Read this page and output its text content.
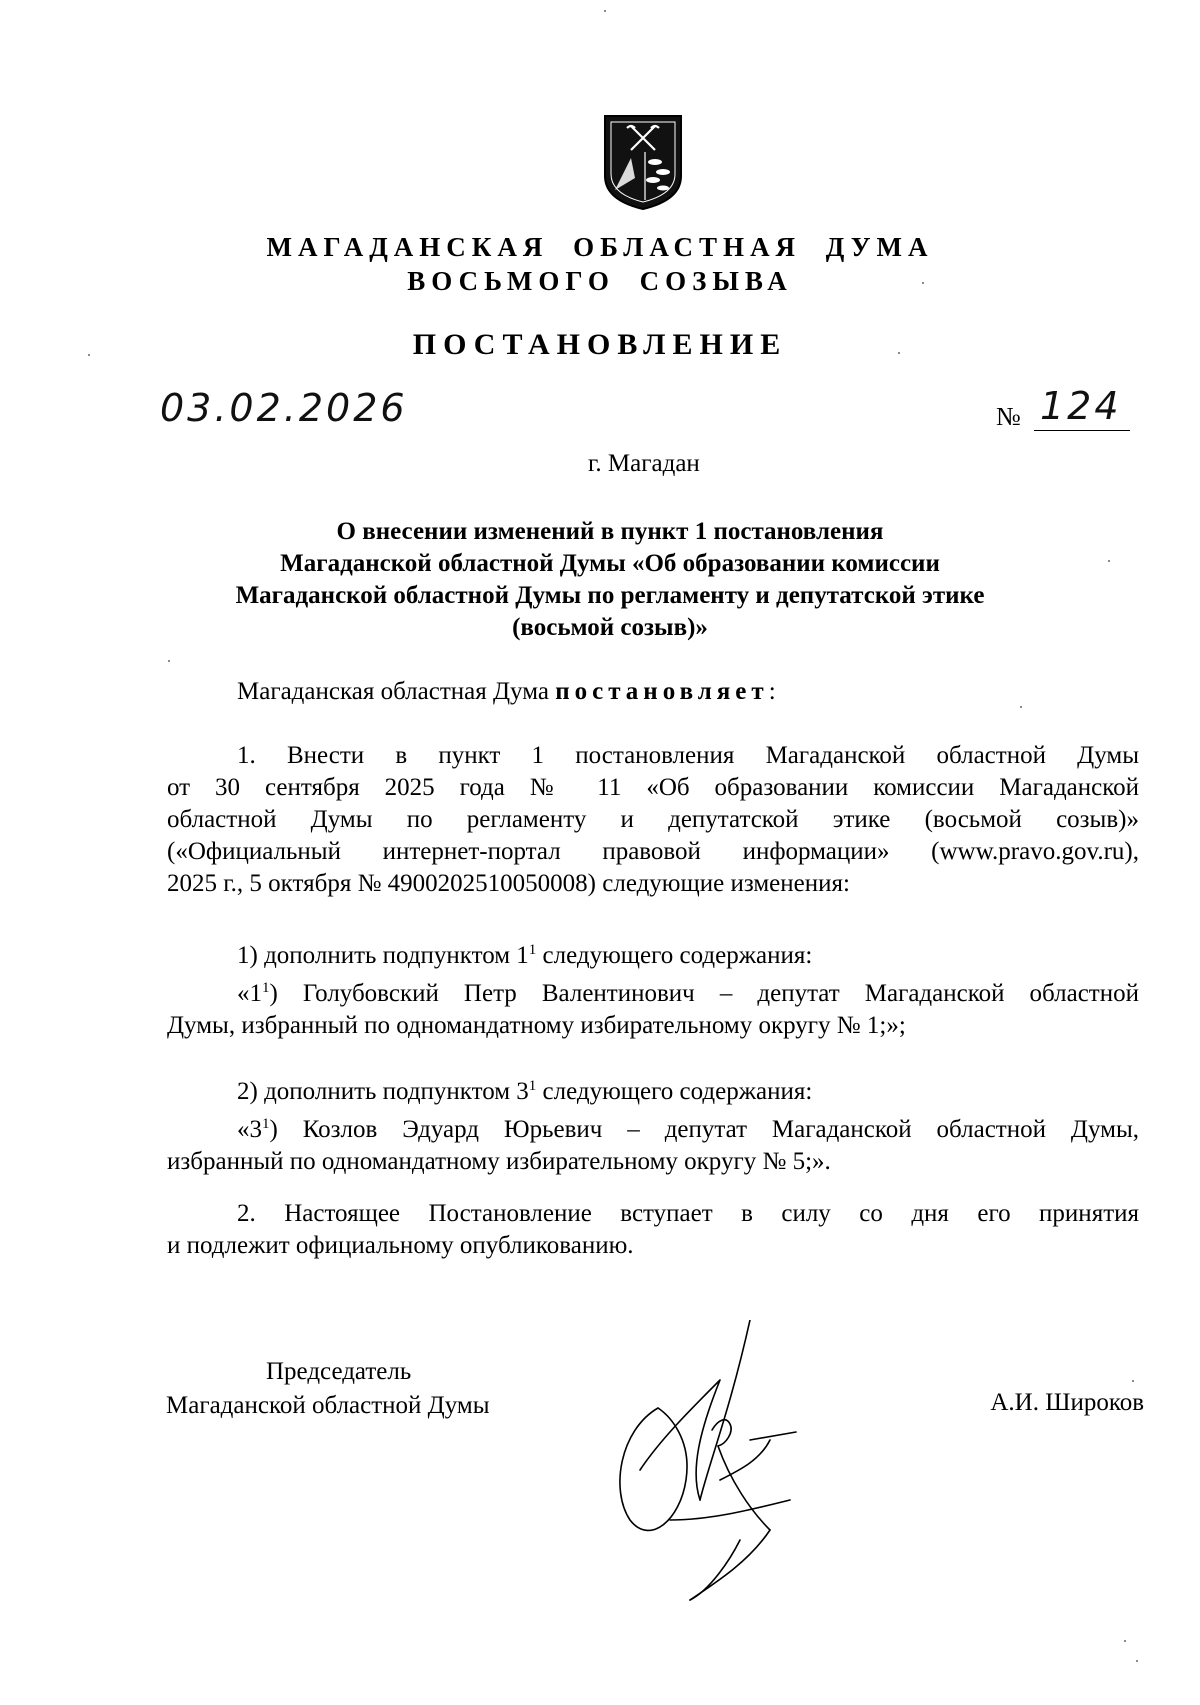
МАГАДАНСКАЯ ОБЛАСТНАЯ ДУМА
ВОСЬМОГО СОЗЫВА
ПОСТАНОВЛЕНИЕ
03.02.2026	№ 124
г. Магадан
О внесении изменений в пункт 1 постановления
Магаданской областной Думы «Об образовании комиссии
Магаданской областной Думы по регламенту и депутатской этике
(восьмой созыв)»
Магаданская областная Дума постановляет:
1. Внести в пункт 1 постановления Магаданской областной Думы
от 30 сентября 2025 года № 11 «Об образовании комиссии Магаданской
областной Думы по регламенту и депутатской этике (восьмой созыв)»
(«Официальный интернет-портал правовой информации» (www.pravo.gov.ru),
2025 г., 5 октября № 4900202510050008) следующие изменения:
1) дополнить подпунктом $1^1$ следующего содержания:
«$1^1$) Голубовский Петр Валентинович – депутат Магаданской областной
Думы, избранный по одномандатному избирательному округу № 1;»;
2) дополнить подпунктом $3^1$ следующего содержания:
«$3^1$) Козлов Эдуард Юрьевич – депутат Магаданской областной Думы,
избранный по одномандатному избирательному округу № 5;».
2. Настоящее Постановление вступает в силу со дня его принятия
и подлежит официальному опубликованию.
Председатель
Магаданской областной Думы	А.И. Широков
